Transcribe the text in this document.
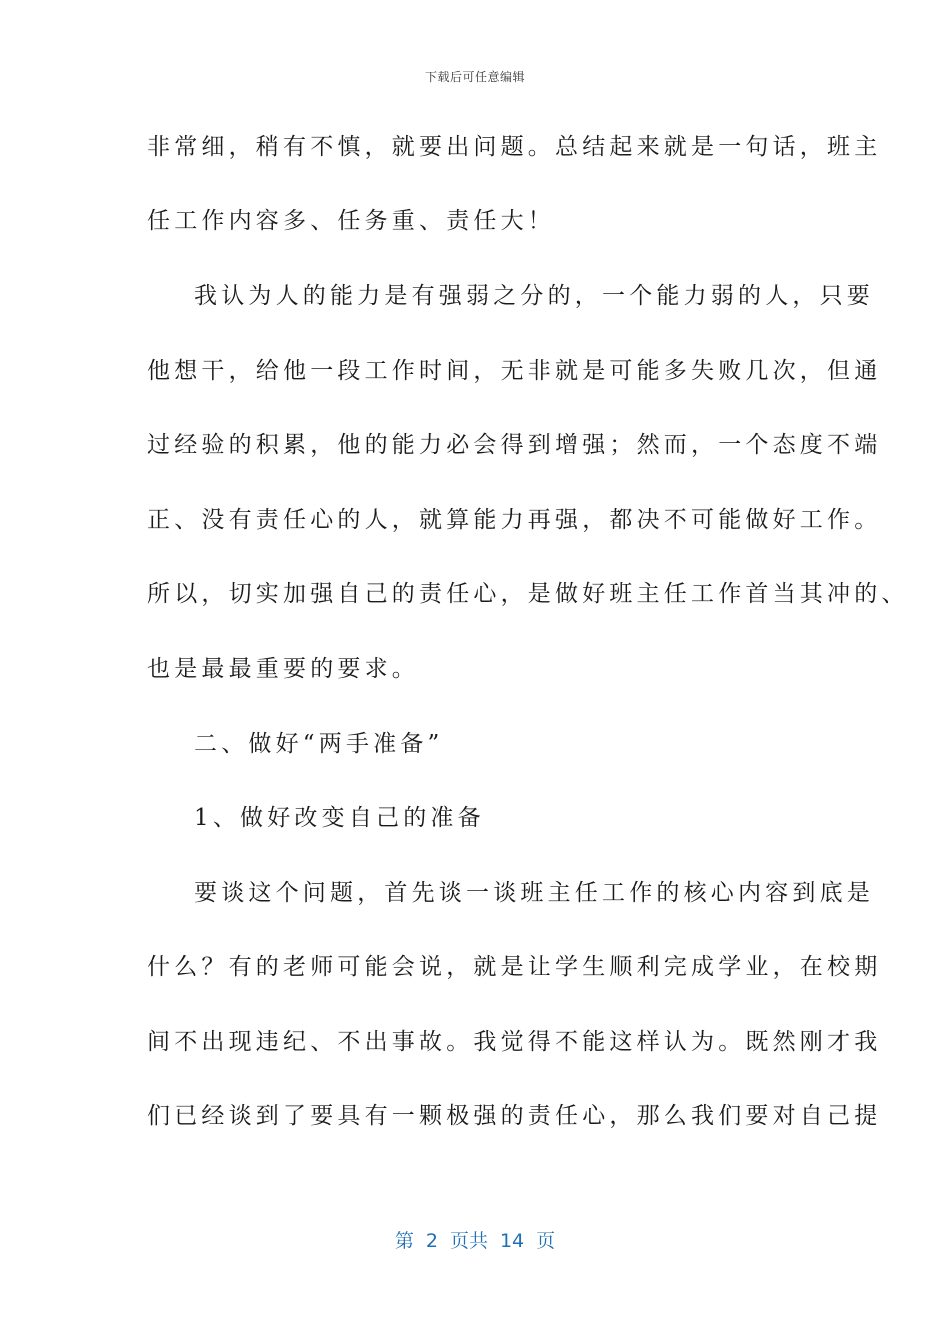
下载后可任意编辑
非常细，稍有不慎，就要出问题。总结起来就是一句话，班主
任工作内容多、任务重、责任大！
我认为人的能力是有强弱之分的，一个能力弱的人，只要
他想干，给他一段工作时间，无非就是可能多失败几次，但通
过经验的积累，他的能力必会得到增强；然而，一个态度不端
正、没有责任心的人，就算能力再强，都决不可能做好工作。
所以，切实加强自己的责任心，是做好班主任工作首当其冲的、
也是最最重要的要求。
二、做好“两手准备”
1、做好改变自己的准备
要谈这个问题，首先谈一谈班主任工作的核心内容到底是
什么？有的老师可能会说，就是让学生顺利完成学业，在校期
间不出现违纪、不出事故。我觉得不能这样认为。既然刚才我
们已经谈到了要具有一颗极强的责任心，那么我们要对自己提
第 2 页共 14 页
